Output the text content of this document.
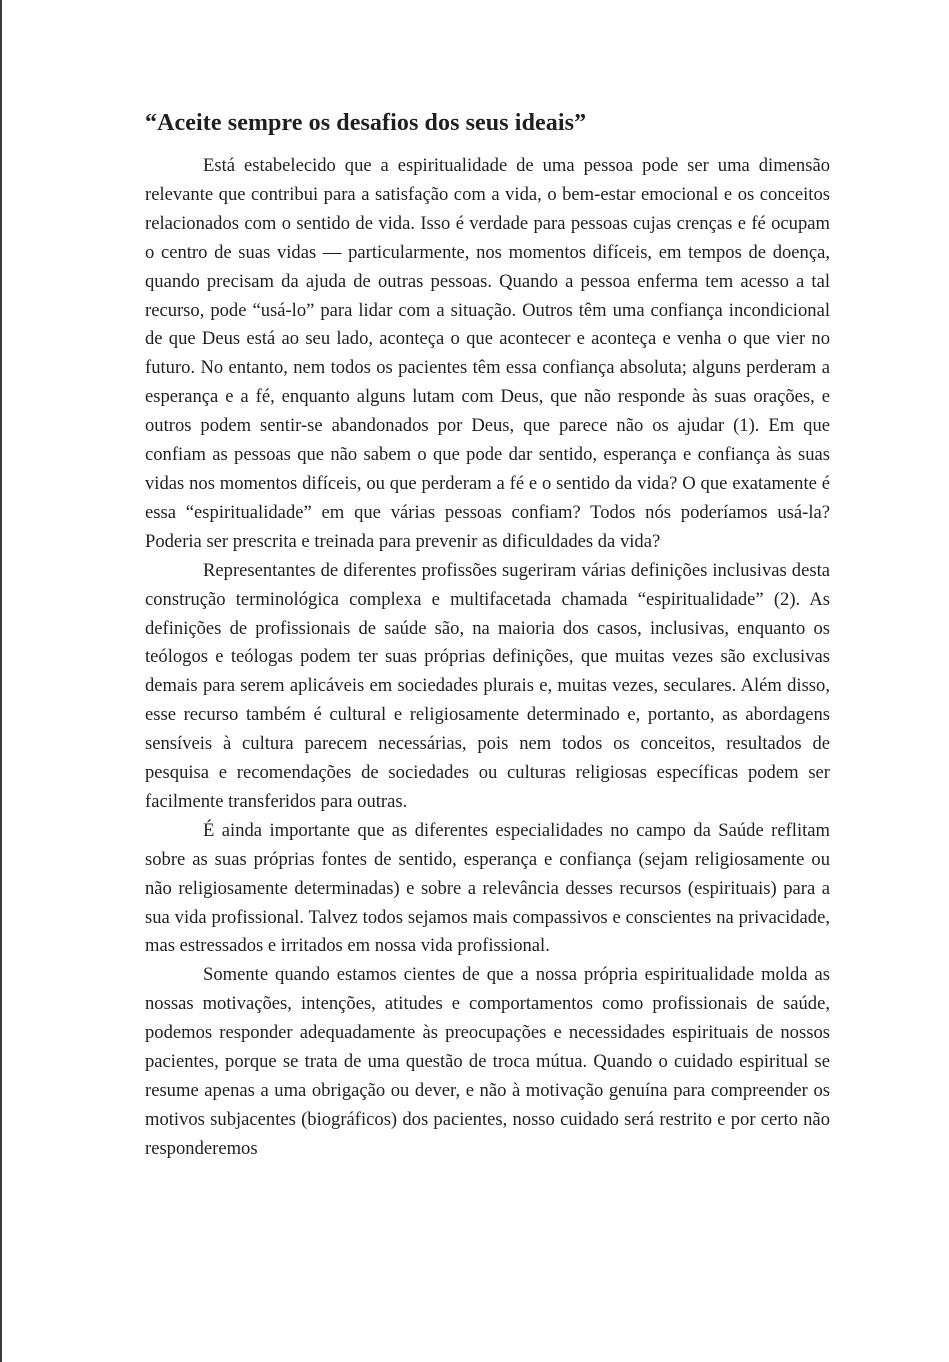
“Aceite sempre os desafios dos seus ideais”

Está estabelecido que a espiritualidade de uma pessoa pode ser uma dimensão relevante que contribui para a satisfação com a vida, o bem-estar emocional e os conceitos relacionados com o sentido de vida. Isso é verdade para pessoas cujas crenças e fé ocupam o centro de suas vidas — particularmente, nos momentos difíceis, em tempos de doença, quando precisam da ajuda de outras pessoas. Quando a pessoa enferma tem acesso a tal recurso, pode “usá-lo” para lidar com a situação. Outros têm uma confiança incondicional de que Deus está ao seu lado, aconteça o que acontecer e aconteça e venha o que vier no futuro. No entanto, nem todos os pacientes têm essa confiança absoluta; alguns perderam a esperança e a fé, enquanto alguns lutam com Deus, que não responde às suas orações, e outros podem sentir-se abandonados por Deus, que parece não os ajudar (1). Em que confiam as pessoas que não sabem o que pode dar sentido, esperança e confiança às suas vidas nos momentos difíceis, ou que perderam a fé e o sentido da vida? O que exatamente é essa “espiritualidade” em que várias pessoas confiam? Todos nós poderíamos usá-la? Poderia ser prescrita e treinada para prevenir as dificuldades da vida?

Representantes de diferentes profissões sugeriram várias definições inclusivas desta construção terminológica complexa e multifacetada chamada “espiritualidade” (2). As definições de profissionais de saúde são, na maioria dos casos, inclusivas, enquanto os teólogos e teólogas podem ter suas próprias definições, que muitas vezes são exclusivas demais para serem aplicáveis em sociedades plurais e, muitas vezes, seculares. Além disso, esse recurso também é cultural e religiosamente determinado e, portanto, as abordagens sensíveis à cultura parecem necessárias, pois nem todos os conceitos, resultados de pesquisa e recomendações de sociedades ou culturas religiosas específicas podem ser facilmente transferidos para outras.

É ainda importante que as diferentes especialidades no campo da Saúde reflitam sobre as suas próprias fontes de sentido, esperança e confiança (sejam religiosamente ou não religiosamente determinadas) e sobre a relevância desses recursos (espirituais) para a sua vida profissional. Talvez todos sejamos mais compassivos e conscientes na privacidade, mas estressados e irritados em nossa vida profissional.

Somente quando estamos cientes de que a nossa própria espiritualidade molda as nossas motivações, intenções, atitudes e comportamentos como profissionais de saúde, podemos responder adequadamente às preocupações e necessidades espirituais de nossos pacientes, porque se trata de uma questão de troca mútua. Quando o cuidado espiritual se resume apenas a uma obrigação ou dever, e não à motivação genuína para compreender os motivos subjacentes (biográficos) dos pacientes, nosso cuidado será restrito e por certo não responderemos
